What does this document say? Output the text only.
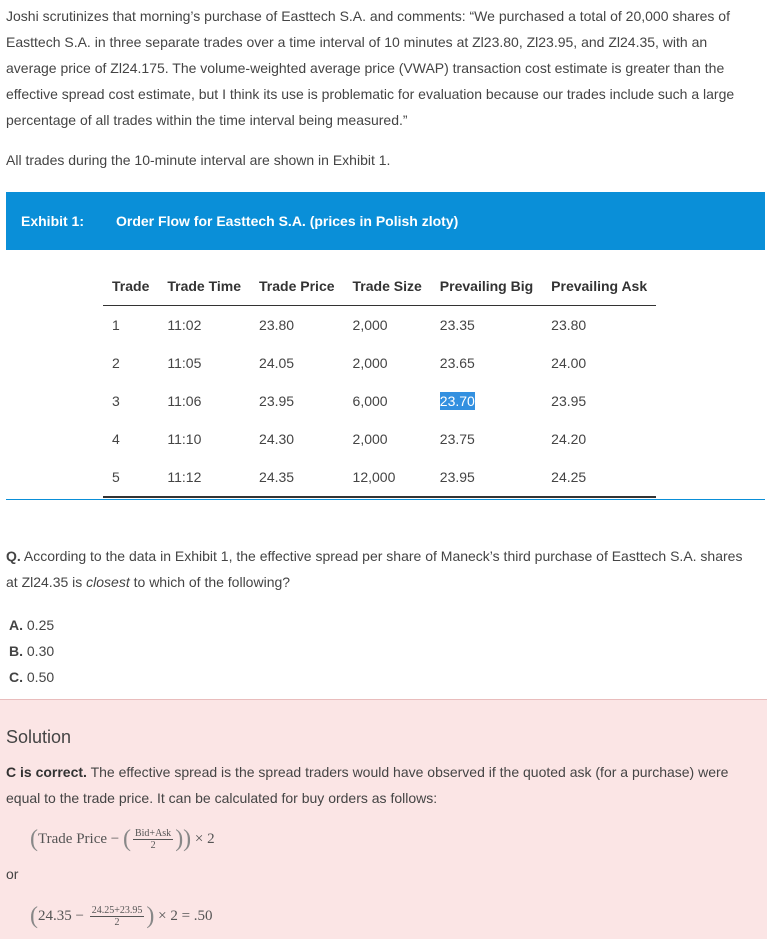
Joshi scrutinizes that morning’s purchase of Easttech S.A. and comments: “We purchased a total of 20,000 shares of Easttech S.A. in three separate trades over a time interval of 10 minutes at Zl23.80, Zl23.95, and Zl24.35, with an average price of Zl24.175. The volume-weighted average price (VWAP) transaction cost estimate is greater than the effective spread cost estimate, but I think its use is problematic for evaluation because our trades include such a large percentage of all trades within the time interval being measured.”

All trades during the 10-minute interval are shown in Exhibit 1.

Exhibit 1: Order Flow for Easttech S.A. (prices in Polish zloty)
Trade	Trade Time	Trade Price	Trade Size	Prevailing Big	Prevailing Ask
1	11:02	23.80	2,000	23.35	23.80
2	11:05	24.05	2,000	23.65	24.00
3	11:06	23.95	6,000	23.70	23.95
4	11:10	24.30	2,000	23.75	24.20
5	11:12	24.35	12,000	23.95	24.25
Q. According to the data in Exhibit 1, the effective spread per share of Maneck’s third purchase of Easttech S.A. shares at Zl24.35 is closest to which of the following?
A. 0.25
B. 0.30
C. 0.50
Solution
C is correct. The effective spread is the spread traders would have observed if the quoted ask (for a purchase) were equal to the trade price. It can be calculated for buy orders as follows:
(Trade Price − ( $\frac{\text{Bid+Ask}}{2}$ )) × 2
($24.35 - \frac{24.25+23.95}{2}$ ) × 2 = .50
or
